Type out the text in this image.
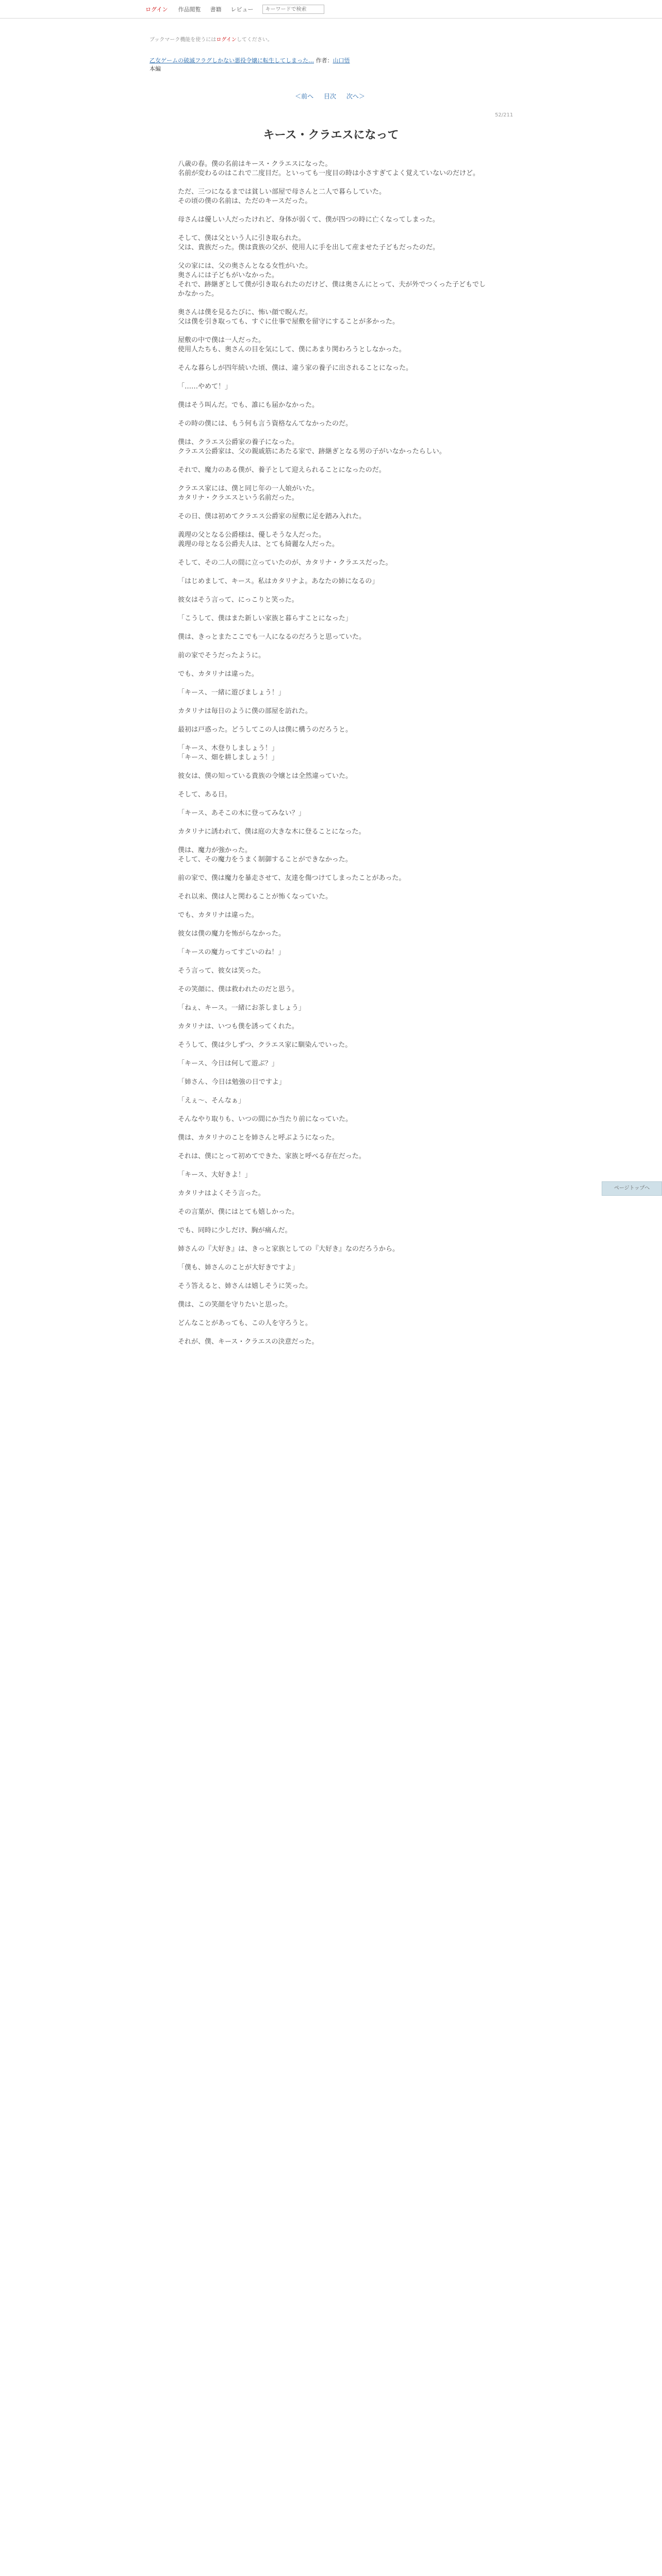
ログイン 作品閲覧 書籍 レビュー
キーワードで検索
ブックマーク機能を使うにはログインしてください。
乙女ゲームの破滅フラグしかない悪役令嬢に転生してしまった… 作者：山口悟
本編
＜前へ 目次 次へ＞
52/211
キース・クラエスになって

八歳の春。僕の名前はキース・クラエスになった。

名前が変わるのはこれで二度目だ。といっても一度目の時は小さすぎてよく覚えていないのだけど。

ただ、三つになるまでは貧しい部屋で母さんと二人で暮らしていた。

その頃の僕の名前は、ただのキースだった。

母さんは優しい人だったけれど、身体が弱くて、僕が四つの時に亡くなってしまった。

そして、僕は父という人に引き取られた。

父は、貴族だった。僕は貴族の父が、使用人に手を出して産ませた子どもだったのだ。

父の家には、父の奥さんとなる女性がいた。

奥さんには子どもがいなかった。

それで、跡継ぎとして僕が引き取られたのだけど、僕は奥さんにとって、夫が外でつくった子どもでしかなかった。

奥さんは僕を見るたびに、怖い顔で睨んだ。

父は僕を引き取っても、すぐに仕事で屋敷を留守にすることが多かった。

屋敷の中で僕は一人だった。

使用人たちも、奥さんの目を気にして、僕にあまり関わろうとしなかった。

そんな暮らしが四年続いた頃、僕は、違う家の養子に出されることになった。

「……やめて！」

僕はそう叫んだ。でも、誰にも届かなかった。

その時の僕には、もう何も言う資格なんてなかったのだ。

僕は、クラエス公爵家の養子になった。

クラエス公爵家は、父の親戚筋にあたる家で、跡継ぎとなる男の子がいなかったらしい。

それで、魔力のある僕が、養子として迎えられることになったのだ。

クラエス家には、僕と同じ年の一人娘がいた。

カタリナ・クラエスという名前だった。

その日、僕は初めてクラエス公爵家の屋敷に足を踏み入れた。

義理の父となる公爵様は、優しそうな人だった。

義理の母となる公爵夫人は、とても綺麗な人だった。

そして、その二人の間に立っていたのが、カタリナ・クラエスだった。

「はじめまして、キース。私はカタリナよ。あなたの姉になるの」

彼女はそう言って、にっこりと笑った。

「こうして、僕はまた新しい家族と暮らすことになった」

僕は、きっとまたここでも一人になるのだろうと思っていた。

前の家でそうだったように。

でも、カタリナは違った。

「キース、一緒に遊びましょう！」

カタリナは毎日のように僕の部屋を訪れた。

最初は戸惑った。どうしてこの人は僕に構うのだろうと。

「キース、木登りしましょう！」

「キース、畑を耕しましょう！」

彼女は、僕の知っている貴族の令嬢とは全然違っていた。

そして、ある日。

「キース、あそこの木に登ってみない？」

カタリナに誘われて、僕は庭の大きな木に登ることになった。

僕は、魔力が強かった。

そして、その魔力をうまく制御することができなかった。

前の家で、僕は魔力を暴走させて、友達を傷つけてしまったことがあった。

それ以来、僕は人と関わることが怖くなっていた。

でも、カタリナは違った。

彼女は僕の魔力を怖がらなかった。

「キースの魔力ってすごいのね！」

そう言って、彼女は笑った。

その笑顔に、僕は救われたのだと思う。

「ねぇ、キース。一緒にお茶しましょう」

カタリナは、いつも僕を誘ってくれた。

そうして、僕は少しずつ、クラエス家に馴染んでいった。

「キース、今日は何して遊ぶ？」

「姉さん、今日は勉強の日ですよ」

「えぇ～、そんなぁ」

そんなやり取りも、いつの間にか当たり前になっていた。

僕は、カタリナのことを姉さんと呼ぶようになった。

それは、僕にとって初めてできた、家族と呼べる存在だった。

「キース、大好きよ！」

カタリナはよくそう言った。

その言葉が、僕にはとても嬉しかった。

でも、同時に少しだけ、胸が痛んだ。

姉さんの『大好き』は、きっと家族としての『大好き』なのだろうから。

「僕も、姉さんのことが大好きですよ」

そう答えると、姉さんは嬉しそうに笑った。

僕は、この笑顔を守りたいと思った。

どんなことがあっても、この人を守ろうと。

それが、僕、キース・クラエスの決意だった。

ページトップへ
